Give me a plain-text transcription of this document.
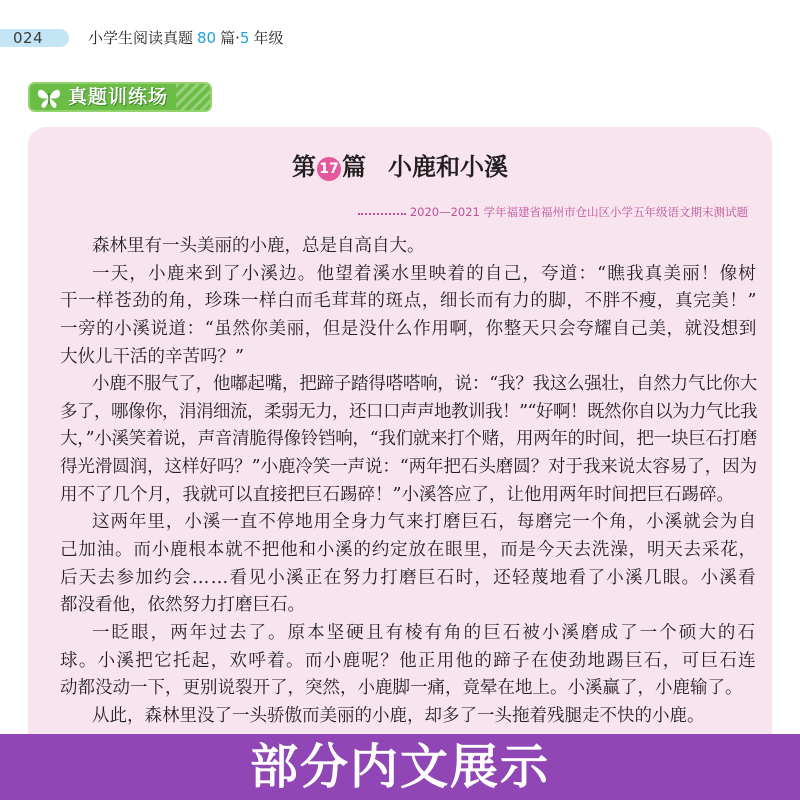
024	小学生阅读真题 80 篇·5 年级
真题训练场
第 17 篇 小鹿和小溪
2020—2021 学年福建省福州市仓山区小学五年级语文期末测试题
森林里有一头美丽的小鹿，总是自高自大。
一天，小鹿来到了小溪边。他望着溪水里映着的自己，夸道：“瞧我真美丽！像树
干一样苍劲的角，珍珠一样白而毛茸茸的斑点，细长而有力的脚，不胖不瘦，真完美！”
一旁的小溪说道：“虽然你美丽，但是没什么作用啊，你整天只会夸耀自己美，就没想到
大伙儿干活的辛苦吗？”
小鹿不服气了，他嘟起嘴，把蹄子踏得嗒嗒响，说：“我？我这么强壮，自然力气比你大
多了，哪像你，涓涓细流，柔弱无力，还口口声声地教训我！”“好啊！既然你自以为力气比我
大，”小溪笑着说，声音清脆得像铃铛响，“我们就来打个赌，用两年的时间，把一块巨石打磨
得光滑圆润，这样好吗？”小鹿冷笑一声说：“两年把石头磨圆？对于我来说太容易了，因为
用不了几个月，我就可以直接把巨石踢碎！”小溪答应了，让他用两年时间把巨石踢碎。
这两年里，小溪一直不停地用全身力气来打磨巨石，每磨完一个角，小溪就会为自
己加油。而小鹿根本就不把他和小溪的约定放在眼里，而是今天去洗澡，明天去采花，
后天去参加约会……看见小溪正在努力打磨巨石时，还轻蔑地看了小溪几眼。小溪看
都没看他，依然努力打磨巨石。
一眨眼，两年过去了。原本坚硬且有棱有角的巨石被小溪磨成了一个硕大的石
球。小溪把它托起，欢呼着。而小鹿呢？他正用他的蹄子在使劲地踢巨石，可巨石连
动都没动一下，更别说裂开了，突然，小鹿脚一痛，竟晕在地上。小溪赢了，小鹿输了。
从此，森林里没了一头骄傲而美丽的小鹿，却多了一头拖着残腿走不快的小鹿。
部分内文展示
